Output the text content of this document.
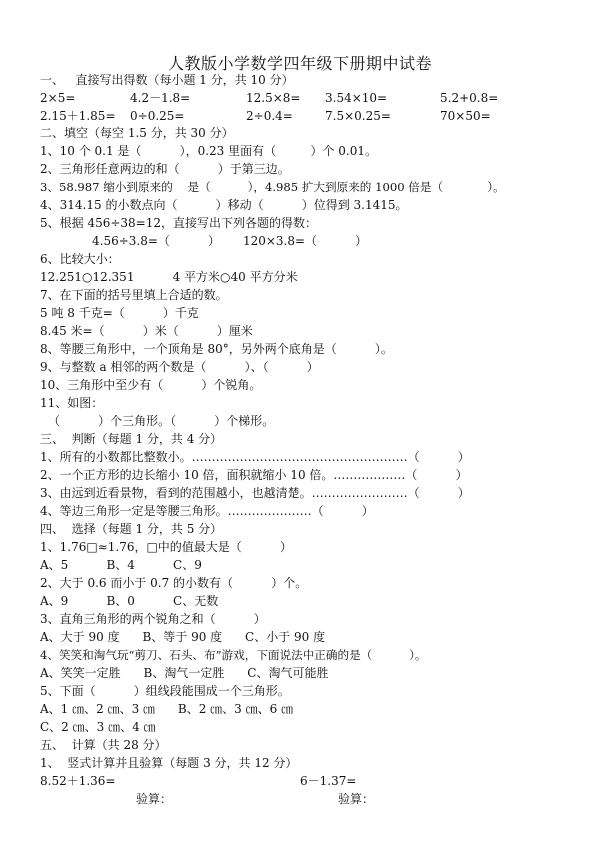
人教版小学数学四年级下册期中试卷
一、   直接写出得数（每小题 1 分，共 10 分）
2×5=	4.2－1.8=	12.5×8= 3.54×10=	5.2+0.8=
2.15＋1.85= 0÷0.25=	2÷0.4=	7.5×0.25=	70×50=
二、填空（每空 1.5 分，共 30 分）
1、10 个 0.1 是（          ），0.23 里面有（         ）个 0.01。
2、三角形任意两边的和（          ）于第三边。
3、58.987 缩小到原来的    是（          ），4.985 扩大到原来的 1000 倍是（            ）。
4、314.15 的小数点向（          ）移动（          ）位得到 3.1415。
5、根据 456÷38=12，直接写出下列各题的得数：
4.56÷3.8=（          ）      120×3.8=（          ）
6、比较大小：
12.251○12.351          4 平方米○40 平方分米
7、在下面的括号里填上合适的数。
5 吨 8 千克=（          ）千克
8.45 米=（          ）米（          ）厘米
8、等腰三角形中，一个顶角是 80°，另外两个底角是（          ）。
9、与整数 a 相邻的两个数是（          ）、（          ）
10、三角形中至少有（          ）个锐角。
11、如图：
（          ）个三角形。（          ）个梯形。
三、  判断（每题 1 分，共 4 分）
1、所有的小数都比整数小。………………………………………………（          ）
2、一个正方形的边长缩小 10 倍，面积就缩小 10 倍。………………（          ）
3、由远到近看景物，看到的范围越小，也越清楚。……………………（          ）
4、等边三角形一定是等腰三角形。…………………（          ）
四、  选择（每题 1 分，共 5 分）
1、1.76□≈1.76，□中的值最大是（          ）
A、5          B、4          C、9
2、大于 0.6 而小于 0.7 的小数有（          ）个。
A、9          B、0          C、无数
3、直角三角形的两个锐角之和（          ）
A、大于 90 度      B、等于 90 度      C、小于 90 度
4、笑笑和淘气玩“剪刀、石头、布”游戏，下面说法中正确的是（          ）。
A、笑笑一定胜      B、淘气一定胜      C、淘气可能胜
5、下面（          ）组线段能围成一个三角形。
A、1 ㎝、2 ㎝、3 ㎝      B、2 ㎝、3 ㎝、6 ㎝
C、2 ㎝、3 ㎝、4 ㎝
五、  计算（共 28 分）
1、  竖式计算并且验算（每题 3 分，共 12 分）
8.52＋1.36=	6－1.37=
验算：	验算：
